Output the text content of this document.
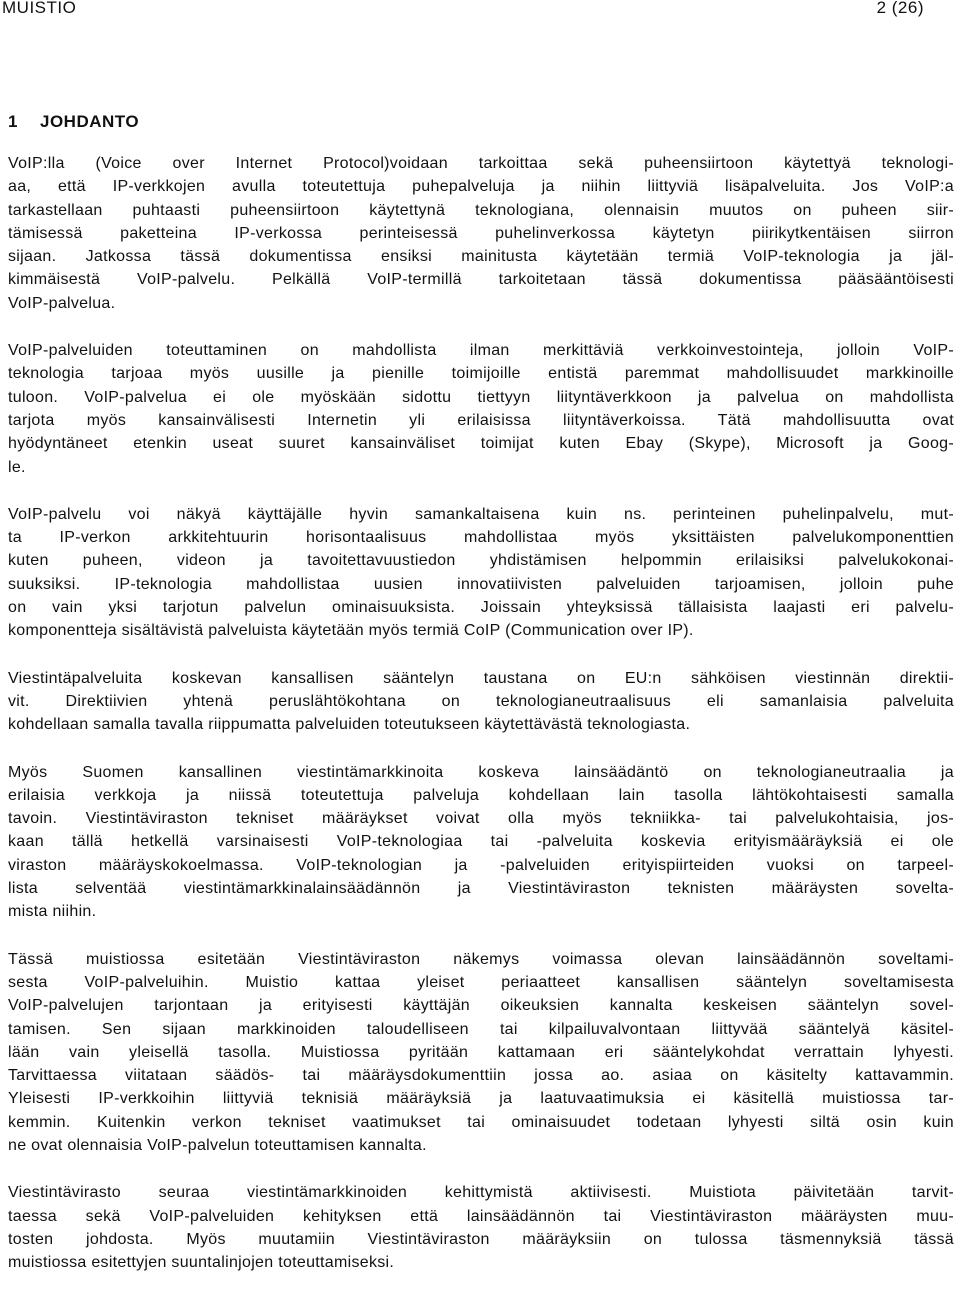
MUISTIO	2 (26)
1 JOHDANTO
VoIP:lla (Voice over Internet Protocol)voidaan tarkoittaa sekä puheensiirtoon käytettyä teknologi-
aa, että IP-verkkojen avulla toteutettuja puhepalveluja ja niihin liittyviä lisäpalveluita. Jos VoIP:a
tarkastellaan puhtaasti puheensiirtoon käytettynä teknologiana, olennaisin muutos on puheen siir-
tämisessä paketteina IP-verkossa perinteisessä puhelinverkossa käytetyn piirikytkentäisen siirron
sijaan. Jatkossa tässä dokumentissa ensiksi mainitusta käytetään termiä VoIP-teknologia ja jäl-
kimmäisestä VoIP-palvelu. Pelkällä VoIP-termillä tarkoitetaan tässä dokumentissa pääsääntöisesti
VoIP-palvelua.
VoIP-palveluiden toteuttaminen on mahdollista ilman merkittäviä verkkoinvestointeja, jolloin VoIP-
teknologia tarjoaa myös uusille ja pienille toimijoille entistä paremmat mahdollisuudet markkinoille
tuloon. VoIP-palvelua ei ole myöskään sidottu tiettyyn liityntäverkkoon ja palvelua on mahdollista
tarjota myös kansainvälisesti Internetin yli erilaisissa liityntäverkoissa. Tätä mahdollisuutta ovat
hyödyntäneet etenkin useat suuret kansainväliset toimijat kuten Ebay (Skype), Microsoft ja Goog-
le.
VoIP-palvelu voi näkyä käyttäjälle hyvin samankaltaisena kuin ns. perinteinen puhelinpalvelu, mut-
ta IP-verkon arkkitehtuurin horisontaalisuus mahdollistaa myös yksittäisten palvelukomponenttien
kuten puheen, videon ja tavoitettavuustiedon yhdistämisen helpommin erilaisiksi palvelukokonai-
suuksiksi. IP-teknologia mahdollistaa uusien innovatiivisten palveluiden tarjoamisen, jolloin puhe
on vain yksi tarjotun palvelun ominaisuuksista. Joissain yhteyksissä tällaisista laajasti eri palvelu-
komponentteja sisältävistä palveluista käytetään myös termiä CoIP (Communication over IP).
Viestintäpalveluita koskevan kansallisen sääntelyn taustana on EU:n sähköisen viestinnän direktii-
vit. Direktiivien yhtenä peruslähtökohtana on teknologianeutraalisuus eli samanlaisia palveluita
kohdellaan samalla tavalla riippumatta palveluiden toteutukseen käytettävästä teknologiasta.
Myös Suomen kansallinen viestintämarkkinoita koskeva lainsäädäntö on teknologianeutraalia ja
erilaisia verkkoja ja niissä toteutettuja palveluja kohdellaan lain tasolla lähtökohtaisesti samalla
tavoin. Viestintäviraston tekniset määräykset voivat olla myös tekniikka- tai palvelukohtaisia, jos-
kaan tällä hetkellä varsinaisesti VoIP-teknologiaa tai -palveluita koskevia erityismääräyksiä ei ole
viraston määräyskokoelmassa. VoIP-teknologian ja -palveluiden erityispiirteiden vuoksi on tarpeel-
lista selventää viestintämarkkinalainsäädännön ja Viestintäviraston teknisten määräysten sovelta-
mista niihin.
Tässä muistiossa esitetään Viestintäviraston näkemys voimassa olevan lainsäädännön soveltami-
sesta VoIP-palveluihin. Muistio kattaa yleiset periaatteet kansallisen sääntelyn soveltamisesta
VoIP-palvelujen tarjontaan ja erityisesti käyttäjän oikeuksien kannalta keskeisen sääntelyn sovel-
tamisen. Sen sijaan markkinoiden taloudelliseen tai kilpailuvalvontaan liittyvää sääntelyä käsitel-
lään vain yleisellä tasolla. Muistiossa pyritään kattamaan eri sääntelykohdat verrattain lyhyesti.
Tarvittaessa viitataan säädös- tai määräysdokumenttiin jossa ao. asiaa on käsitelty kattavammin.
Yleisesti IP-verkkoihin liittyviä teknisiä määräyksiä ja laatuvaatimuksia ei käsitellä muistiossa tar-
kemmin. Kuitenkin verkon tekniset vaatimukset tai ominaisuudet todetaan lyhyesti siltä osin kuin
ne ovat olennaisia VoIP-palvelun toteuttamisen kannalta.
Viestintävirasto seuraa viestintämarkkinoiden kehittymistä aktiivisesti. Muistiota päivitetään tarvit-
taessa sekä VoIP-palveluiden kehityksen että lainsäädännön tai Viestintäviraston määräysten muu-
tosten johdosta. Myös muutamiin Viestintäviraston määräyksiin on tulossa täsmennyksiä tässä
muistiossa esitettyjen suuntalinjojen toteuttamiseksi.
